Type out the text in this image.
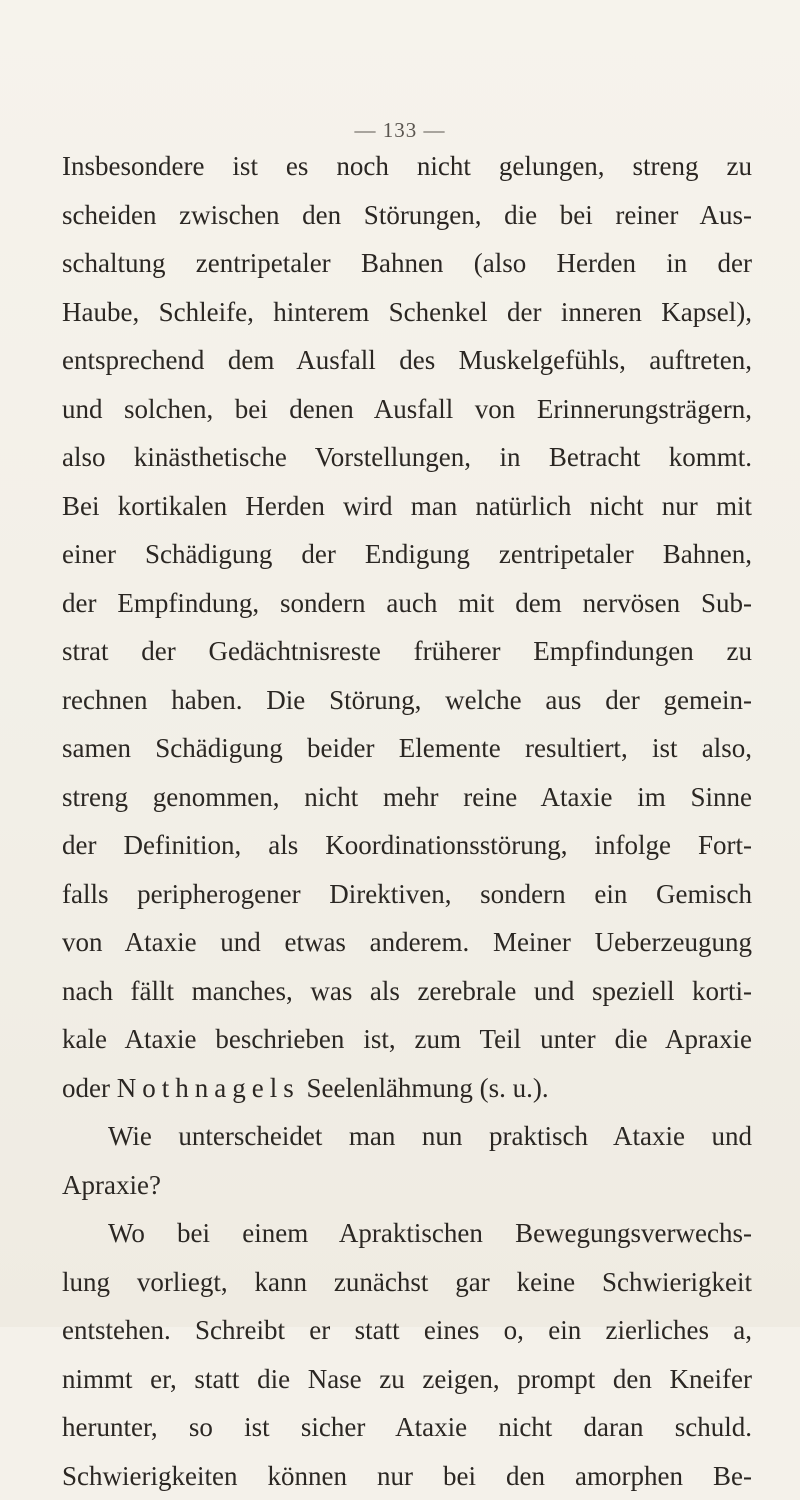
— 133 —
Insbesondere ist es noch nicht gelungen, streng zu
scheiden zwischen den Störungen, die bei reiner Aus-
schaltung zentripetaler Bahnen (also Herden in der
Haube, Schleife, hinterem Schenkel der inneren Kapsel),
entsprechend dem Ausfall des Muskelgefühls, auftreten,
und solchen, bei denen Ausfall von Erinnerungsträgern,
also kinästhetische Vorstellungen, in Betracht kommt.
Bei kortikalen Herden wird man natürlich nicht nur mit
einer Schädigung der Endigung zentripetaler Bahnen,
der Empfindung, sondern auch mit dem nervösen Sub-
strat der Gedächtnisreste früherer Empfindungen zu
rechnen haben. Die Störung, welche aus der gemein-
samen Schädigung beider Elemente resultiert, ist also,
streng genommen, nicht mehr reine Ataxie im Sinne
der Definition, als Koordinationsstörung, infolge Fort-
falls peripherogener Direktiven, sondern ein Gemisch
von Ataxie und etwas anderem. Meiner Ueberzeugung
nach fällt manches, was als zerebrale und speziell korti-
kale Ataxie beschrieben ist, zum Teil unter die Apraxie
oder Nothnagels Seelenlähmung (s. u.).
Wie unterscheidet man nun praktisch Ataxie und
Apraxie?
Wo bei einem Apraktischen Bewegungsverwechs-
lung vorliegt, kann zunächst gar keine Schwierigkeit
entstehen. Schreibt er statt eines o, ein zierliches a,
nimmt er, statt die Nase zu zeigen, prompt den Kneifer
herunter, so ist sicher Ataxie nicht daran schuld.
Schwierigkeiten können nur bei den amorphen Be-
